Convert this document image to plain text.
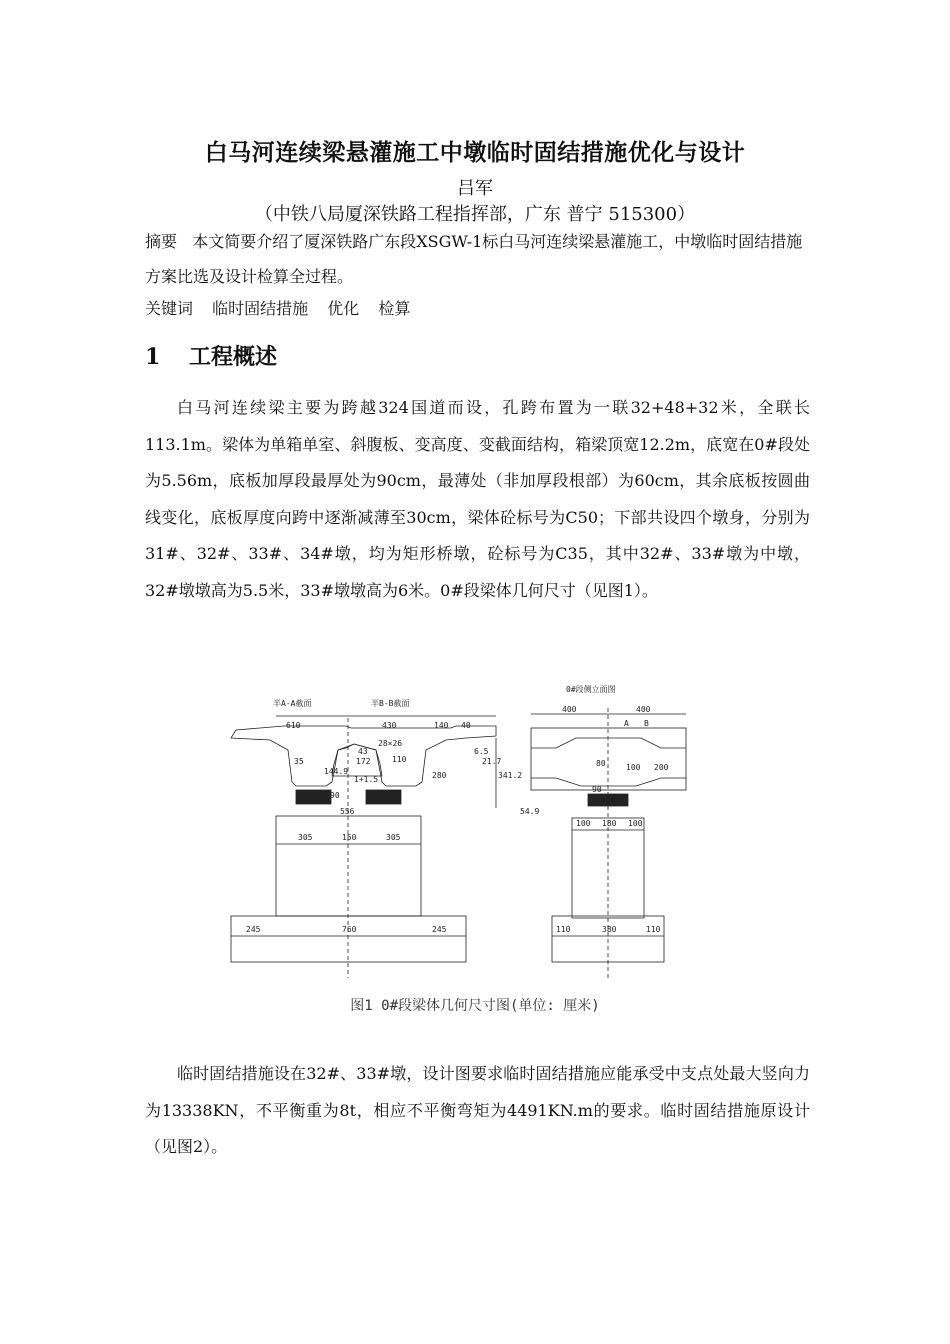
白马河连续梁悬灌施工中墩临时固结措施优化与设计
吕军
（中铁八局厦深铁路工程指挥部，广东 普宁 515300）
摘要 本文简要介绍了厦深铁路广东段XSGW-1标白马河连续梁悬灌施工，中墩临时固结措施方案比选及设计检算全过程。
关键词 临时固结措施 优化 检算
1 工程概述
白马河连续梁主要为跨越324国道而设，孔跨布置为一联32+48+32米，全联长113.1m。梁体为单箱单室、斜腹板、变高度、变截面结构，箱梁顶宽12.2m，底宽在0#段处为5.56m，底板加厚段最厚处为90cm，最薄处（非加厚段根部）为60cm，其余底板按圆曲线变化，底板厚度向跨中逐渐减薄至30cm，梁体砼标号为C50；下部共设四个墩身，分别为31#、32#、33#、34#墩，均为矩形桥墩，砼标号为C35，其中32#、33#墩为中墩，32#墩墩高为5.5米，33#墩墩高为6米。0#段梁体几何尺寸（见图1）。
半A-A截面	半B-B截面
0#段侧立面图
610	430	140 40
28×26
172
144.9
1+1.5
35
43
110
90	60 60×30
280
6.5
21.7
341.2
556
305	150	305
245	760	245
400	400
A B
100 200
80
90
54.9
100 180 100
110	380	110
图1 0#段梁体几何尺寸图(单位: 厘米)
临时固结措施设在32#、33#墩，设计图要求临时固结措施应能承受中支点处最大竖向力为13338KN，不平衡重为8t，相应不平衡弯矩为4491KN.m的要求。临时固结措施原设计（见图2）。
